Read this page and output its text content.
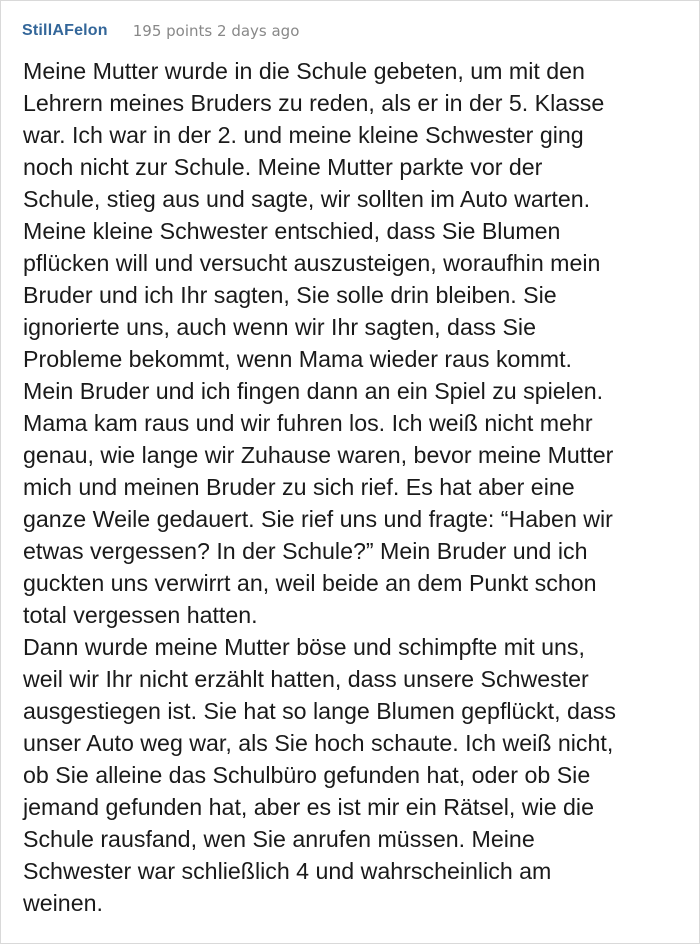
StillAFelon 195 points 2 days ago
Meine Mutter wurde in die Schule gebeten, um mit den
Lehrern meines Bruders zu reden, als er in der 5. Klasse
war. Ich war in der 2. und meine kleine Schwester ging
noch nicht zur Schule. Meine Mutter parkte vor der
Schule, stieg aus und sagte, wir sollten im Auto warten.
Meine kleine Schwester entschied, dass Sie Blumen
pflücken will und versucht auszusteigen, woraufhin mein
Bruder und ich Ihr sagten, Sie solle drin bleiben. Sie
ignorierte uns, auch wenn wir Ihr sagten, dass Sie
Probleme bekommt, wenn Mama wieder raus kommt.
Mein Bruder und ich fingen dann an ein Spiel zu spielen.
Mama kam raus und wir fuhren los. Ich weiß nicht mehr
genau, wie lange wir Zuhause waren, bevor meine Mutter
mich und meinen Bruder zu sich rief. Es hat aber eine
ganze Weile gedauert. Sie rief uns und fragte: “Haben wir
etwas vergessen? In der Schule?” Mein Bruder und ich
guckten uns verwirrt an, weil beide an dem Punkt schon
total vergessen hatten.
Dann wurde meine Mutter böse und schimpfte mit uns,
weil wir Ihr nicht erzählt hatten, dass unsere Schwester
ausgestiegen ist. Sie hat so lange Blumen gepflückt, dass
unser Auto weg war, als Sie hoch schaute. Ich weiß nicht,
ob Sie alleine das Schulbüro gefunden hat, oder ob Sie
jemand gefunden hat, aber es ist mir ein Rätsel, wie die
Schule rausfand, wen Sie anrufen müssen. Meine
Schwester war schließlich 4 und wahrscheinlich am
weinen.
